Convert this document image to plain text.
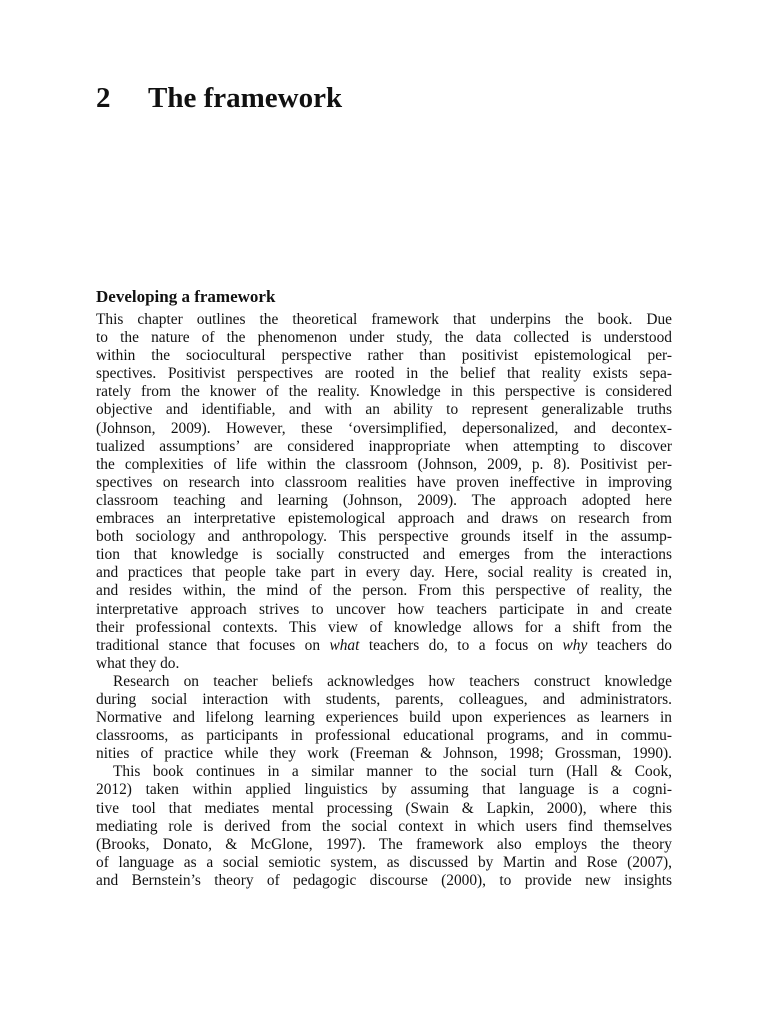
2 The framework
Developing a framework
This chapter outlines the theoretical framework that underpins the book. Due
to the nature of the phenomenon under study, the data collected is understood
within the sociocultural perspective rather than positivist epistemological per-
spectives. Positivist perspectives are rooted in the belief that reality exists sepa-
rately from the knower of the reality. Knowledge in this perspective is considered
objective and identifiable, and with an ability to represent generalizable truths
(Johnson, 2009). However, these ‘oversimplified, depersonalized, and decontex-
tualized assumptions’ are considered inappropriate when attempting to discover
the complexities of life within the classroom (Johnson, 2009, p. 8). Positivist per-
spectives on research into classroom realities have proven ineffective in improving
classroom teaching and learning (Johnson, 2009). The approach adopted here
embraces an interpretative epistemological approach and draws on research from
both sociology and anthropology. This perspective grounds itself in the assump-
tion that knowledge is socially constructed and emerges from the interactions
and practices that people take part in every day. Here, social reality is created in,
and resides within, the mind of the person. From this perspective of reality, the
interpretative approach strives to uncover how teachers participate in and create
their professional contexts. This view of knowledge allows for a shift from the
traditional stance that focuses on what teachers do, to a focus on why teachers do
what they do.
Research on teacher beliefs acknowledges how teachers construct knowledge
during social interaction with students, parents, colleagues, and administrators.
Normative and lifelong learning experiences build upon experiences as learners in
classrooms, as participants in professional educational programs, and in commu-
nities of practice while they work (Freeman & Johnson, 1998; Grossman, 1990).
This book continues in a similar manner to the social turn (Hall & Cook,
2012) taken within applied linguistics by assuming that language is a cogni-
tive tool that mediates mental processing (Swain & Lapkin, 2000), where this
mediating role is derived from the social context in which users find themselves
(Brooks, Donato, & McGlone, 1997). The framework also employs the theory
of language as a social semiotic system, as discussed by Martin and Rose (2007),
and Bernstein’s theory of pedagogic discourse (2000), to provide new insights
